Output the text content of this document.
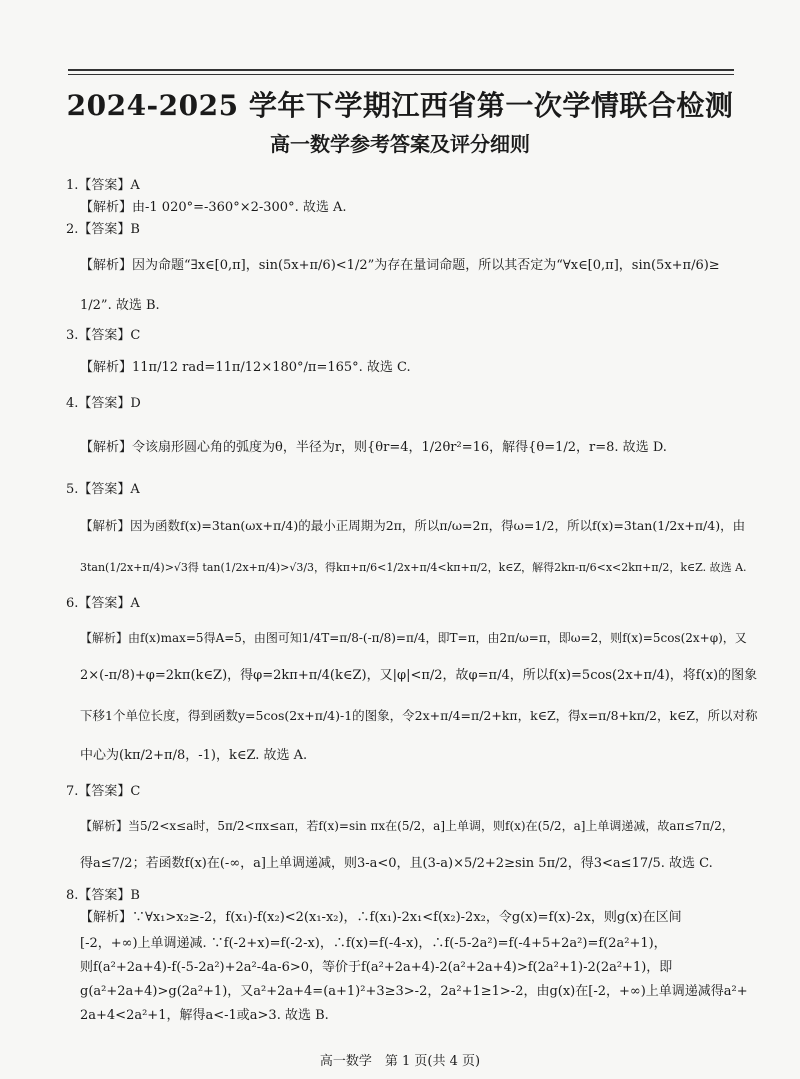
2024-2025 学年下学期江西省第一次学情联合检测
高一数学参考答案及评分细则
1.【答案】A
【解析】由-1 020°=-360°×2-300°. 故选 A.
2.【答案】B
【解析】因为命题“∃x∈[0,π]，sin(5x+π/6)<1/2”为存在量词命题，所以其否定为“∀x∈[0,π]，sin(5x+π/6)≥
1/2”. 故选 B.
3.【答案】C
【解析】11π/12 rad=11π/12×180°/π=165°. 故选 C.
4.【答案】D
【解析】令该扇形圆心角的弧度为θ，半径为r，则{θr=4，1/2θr²=16，解得{θ=1/2，r=8. 故选 D.
5.【答案】A
【解析】因为函数f(x)=3tan(ωx+π/4)的最小正周期为2π，所以π/ω=2π，得ω=1/2，所以f(x)=3tan(1/2x+π/4)，由
3tan(1/2x+π/4)>√3得 tan(1/2x+π/4)>√3/3，得kπ+π/6<1/2x+π/4<kπ+π/2，k∈Z，解得2kπ-π/6<x<2kπ+π/2，k∈Z. 故选 A.
6.【答案】A
【解析】由f(x)max=5得A=5，由图可知1/4T=π/8-(-π/8)=π/4，即T=π，由2π/ω=π，即ω=2，则f(x)=5cos(2x+φ)，又
2×(-π/8)+φ=2kπ(k∈Z)，得φ=2kπ+π/4(k∈Z)，又|φ|<π/2，故φ=π/4，所以f(x)=5cos(2x+π/4)，将f(x)的图象
下移1个单位长度，得到函数y=5cos(2x+π/4)-1的图象，令2x+π/4=π/2+kπ，k∈Z，得x=π/8+kπ/2，k∈Z，所以对称
中心为(kπ/2+π/8，-1)，k∈Z. 故选 A.
7.【答案】C
【解析】当5/2<x≤a时，5π/2<πx≤aπ，若f(x)=sin πx在(5/2，a]上单调，则f(x)在(5/2，a]上单调递减，故aπ≤7π/2，
得a≤7/2；若函数f(x)在(-∞，a]上单调递减，则3-a<0，且(3-a)×5/2+2≥sin 5π/2，得3<a≤17/5. 故选 C.
8.【答案】B
【解析】∵∀x₁>x₂≥-2，f(x₁)-f(x₂)<2(x₁-x₂)，∴f(x₁)-2x₁<f(x₂)-2x₂，令g(x)=f(x)-2x，则g(x)在区间
[-2，+∞)上单调递减. ∵f(-2+x)=f(-2-x)，∴f(x)=f(-4-x)，∴f(-5-2a²)=f(-4+5+2a²)=f(2a²+1)，
则f(a²+2a+4)-f(-5-2a²)+2a²-4a-6>0，等价于f(a²+2a+4)-2(a²+2a+4)>f(2a²+1)-2(2a²+1)，即
g(a²+2a+4)>g(2a²+1)，又a²+2a+4=(a+1)²+3≥3>-2，2a²+1≥1>-2，由g(x)在[-2，+∞)上单调递减得a²+
2a+4<2a²+1，解得a<-1或a>3. 故选 B.
高一数学　第 1 页(共 4 页)
